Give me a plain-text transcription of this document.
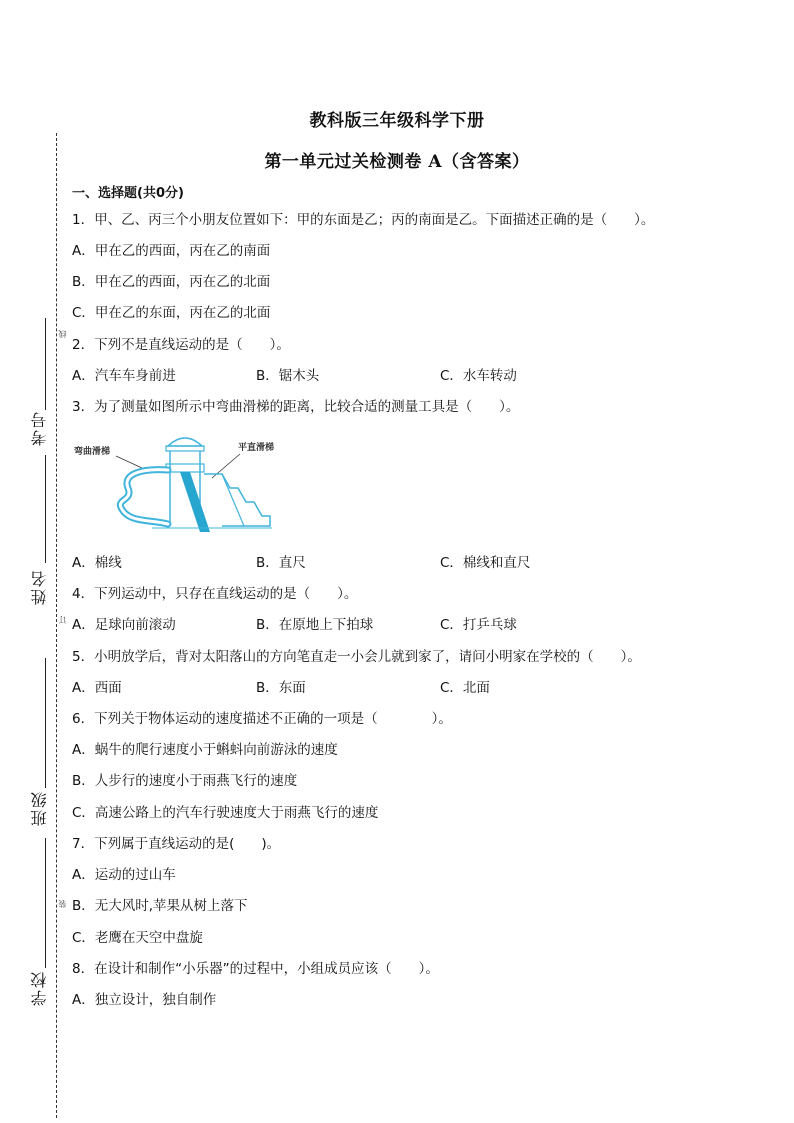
考号
姓名
班级
学校
线
订
装
教科版三年级科学下册
第一单元过关检测卷 A（含答案）
一、选择题(共0分)
1．甲、乙、丙三个小朋友位置如下：甲的东面是乙；丙的南面是乙。下面描述正确的是（　　）。
A．甲在乙的西面，丙在乙的南面
B．甲在乙的西面，丙在乙的北面
C．甲在乙的东面，丙在乙的北面
2．下列不是直线运动的是（　　）。
A．汽车车身前进	B．锯木头	C．水车转动
3．为了测量如图所示中弯曲滑梯的距离，比较合适的测量工具是（　　）。
弯曲滑梯	平直滑梯
A．棉线	B．直尺	C．棉线和直尺
4．下列运动中，只存在直线运动的是（　　）。
A．足球向前滚动	B．在原地上下拍球	C．打乒乓球
5．小明放学后，背对太阳落山的方向笔直走一小会儿就到家了，请问小明家在学校的（　　）。
A．西面	B．东面	C．北面
6．下列关于物体运动的速度描述不正确的一项是（　　　　）。
A．蜗牛的爬行速度小于蝌蚪向前游泳的速度
B．人步行的速度小于雨燕飞行的速度
C．高速公路上的汽车行驶速度大于雨燕飞行的速度
7．下列属于直线运动的是(　　)。
A．运动的过山车
B．无大风时,苹果从树上落下
C．老鹰在天空中盘旋
8．在设计和制作“小乐器”的过程中，小组成员应该（　　）。
A．独立设计，独自制作
